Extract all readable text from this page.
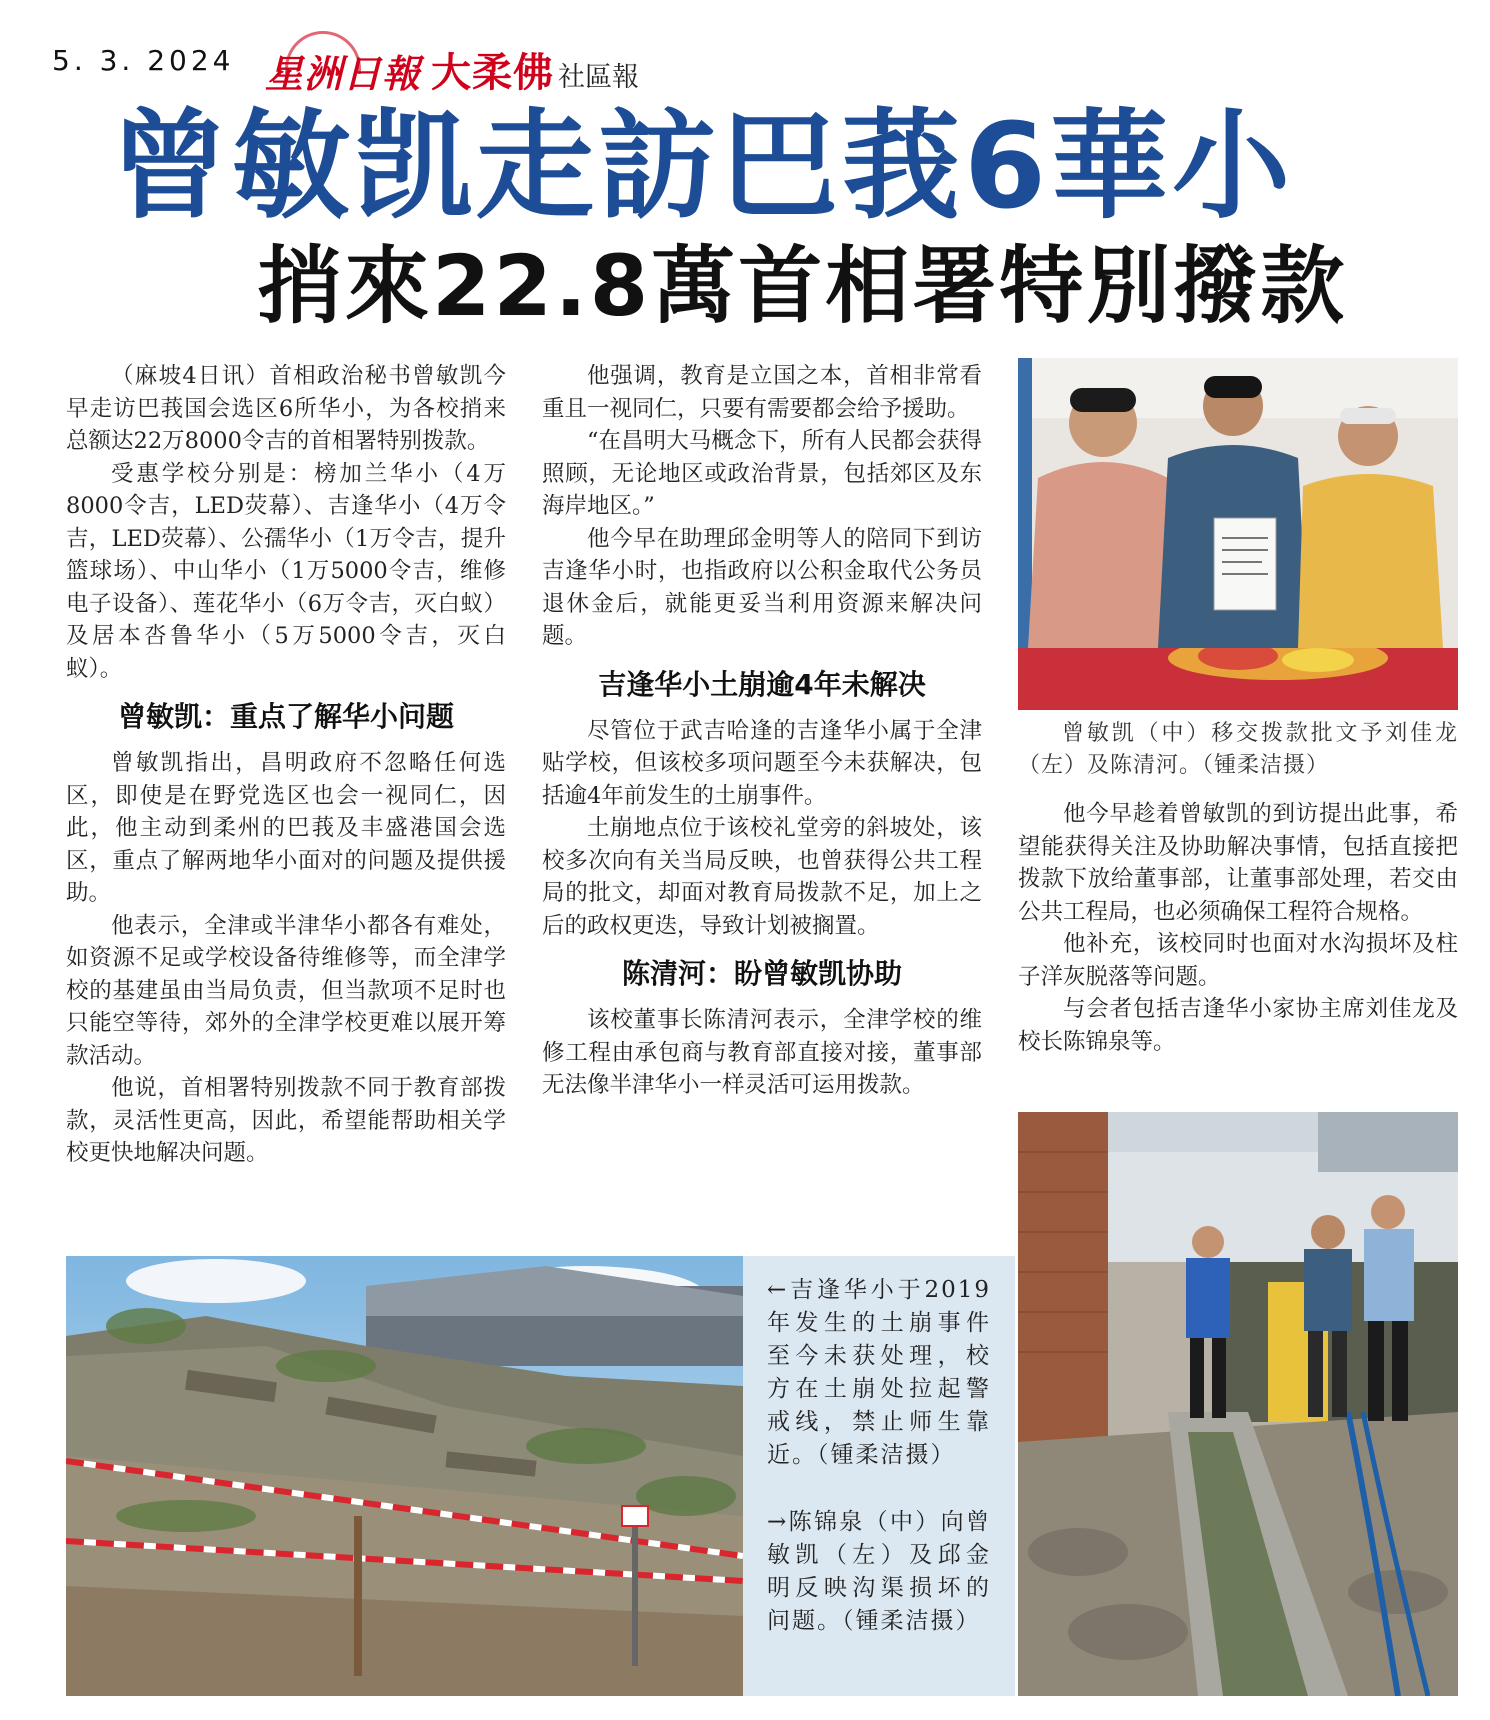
5. 3. 2024 星洲日報 大柔佛 社區報
曾敏凯走訪巴莪6華小
捎來22.8萬首相署特別撥款

（麻坡4日讯）首相政治秘书曾敏凯今早走访巴莪国会选区6所华小，为各校捎来总额达22万8000令吉的首相署特别拨款。

受惠学校分别是：榜加兰华小（4万8000令吉，LED荧幕）、吉逢华小（4万令吉，LED荧幕）、公孺华小（1万令吉，提升篮球场）、中山华小（1万5000令吉，维修电子设备）、莲花华小（6万令吉，灭白蚁）及居本呇鲁华小（5万5000令吉，灭白蚁）。

曾敏凯：重点了解华小问题

曾敏凯指出，昌明政府不忽略任何选区，即使是在野党选区也会一视同仁，因此，他主动到柔州的巴莪及丰盛港国会选区，重点了解两地华小面对的问题及提供援助。

他表示，全津或半津华小都各有难处，如资源不足或学校设备待维修等，而全津学校的基建虽由当局负责，但当款项不足时也只能空等待，郊外的全津学校更难以展开筹款活动。

他说，首相署特别拨款不同于教育部拨款，灵活性更高，因此，希望能帮助相关学校更快地解决问题。

他强调，教育是立国之本，首相非常看重且一视同仁，只要有需要都会给予援助。

“在昌明大马概念下，所有人民都会获得照顾，无论地区或政治背景，包括郊区及东海岸地区。”

他今早在助理邱金明等人的陪同下到访吉逢华小时，也指政府以公积金取代公务员退休金后，就能更妥当利用资源来解决问题。

吉逢华小土崩逾4年未解决

尽管位于武吉哈逢的吉逢华小属于全津贴学校，但该校多项问题至今未获解决，包括逾4年前发生的土崩事件。

土崩地点位于该校礼堂旁的斜坡处，该校多次向有关当局反映，也曾获得公共工程局的批文，却面对教育局拨款不足，加上之后的政权更迭，导致计划被搁置。

陈清河：盼曾敏凯协助

该校董事长陈清河表示，全津学校的维修工程由承包商与教育部直接对接，董事部无法像半津华小一样灵活可运用拨款。

曾敏凯（中）移交拨款批文予刘佳龙（左）及陈清河。（锺柔洁摄）

他今早趁着曾敏凯的到访提出此事，希望能获得关注及协助解决事情，包括直接把拨款下放给董事部，让董事部处理，若交由公共工程局，也必须确保工程符合规格。

他补充，该校同时也面对水沟损坏及柱子洋灰脱落等问题。

与会者包括吉逢华小家协主席刘佳龙及校长陈锦泉等。

←吉逢华小于2019年发生的土崩事件至今未获处理，校方在土崩处拉起警戒线，禁止师生靠近。（锺柔洁摄）
→陈锦泉（中）向曾敏凯（左）及邱金明反映沟渠损坏的问题。（锺柔洁摄）
